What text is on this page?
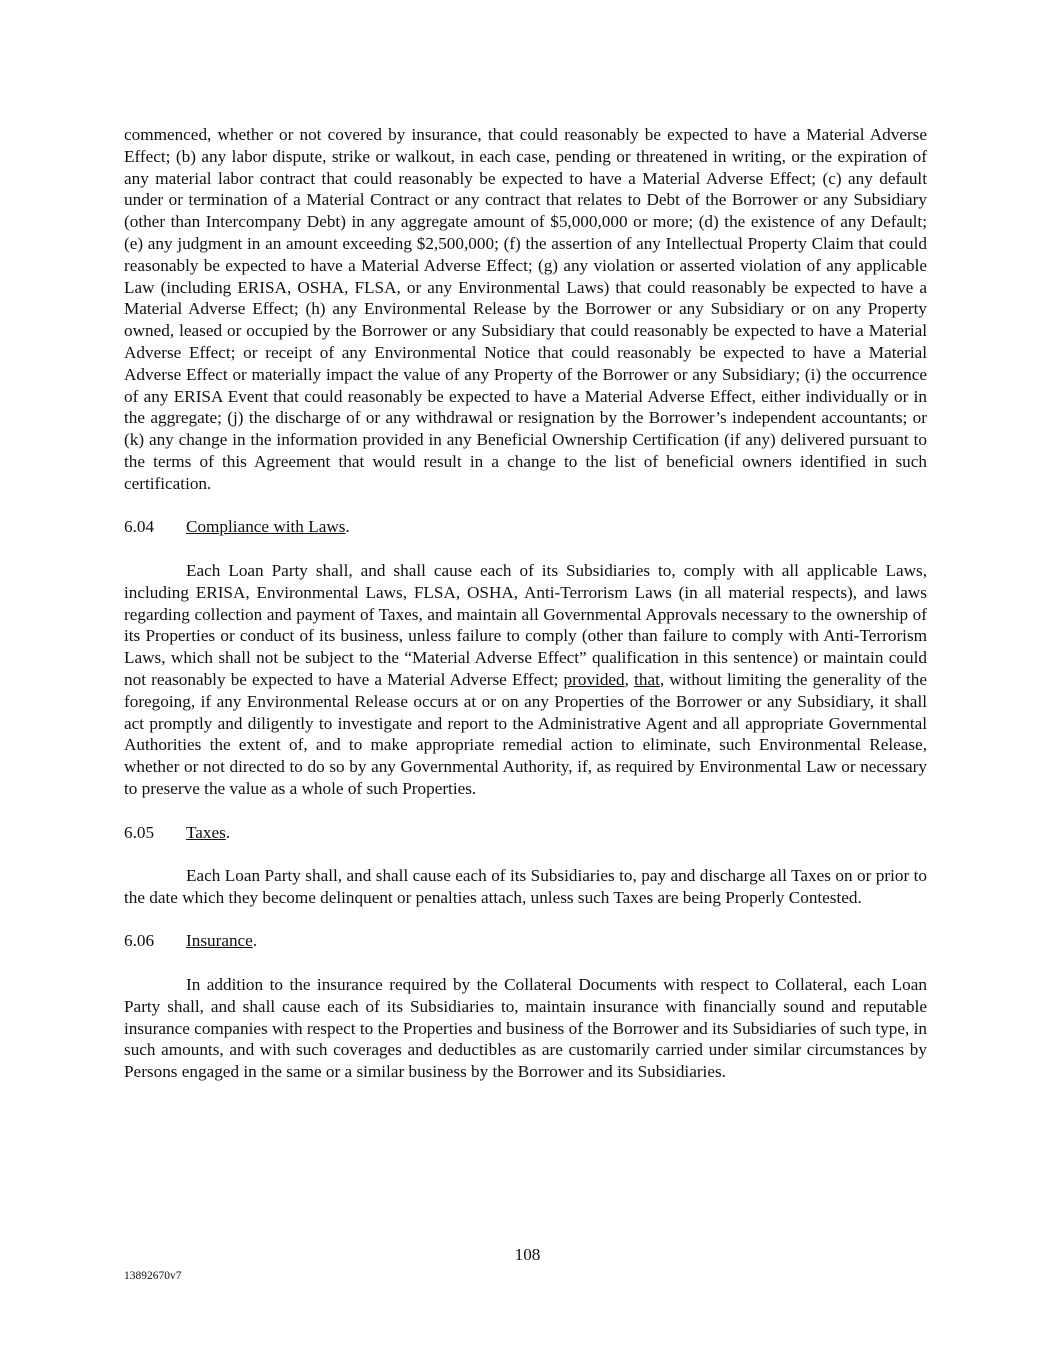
commenced, whether or not covered by insurance, that could reasonably be expected to have a Material Adverse Effect; (b) any labor dispute, strike or walkout, in each case, pending or threatened in writing, or the expiration of any material labor contract that could reasonably be expected to have a Material Adverse Effect; (c) any default under or termination of a Material Contract or any contract that relates to Debt of the Borrower or any Subsidiary (other than Intercompany Debt) in any aggregate amount of $5,000,000 or more; (d) the existence of any Default; (e) any judgment in an amount exceeding $2,500,000; (f) the assertion of any Intellectual Property Claim that could reasonably be expected to have a Material Adverse Effect; (g) any violation or asserted violation of any applicable Law (including ERISA, OSHA, FLSA, or any Environmental Laws) that could reasonably be expected to have a Material Adverse Effect; (h) any Environmental Release by the Borrower or any Subsidiary or on any Property owned, leased or occupied by the Borrower or any Subsidiary that could reasonably be expected to have a Material Adverse Effect; or receipt of any Environmental Notice that could reasonably be expected to have a Material Adverse Effect or materially impact the value of any Property of the Borrower or any Subsidiary; (i) the occurrence of any ERISA Event that could reasonably be expected to have a Material Adverse Effect, either individually or in the aggregate; (j) the discharge of or any withdrawal or resignation by the Borrower’s independent accountants; or (k) any change in the information provided in any Beneficial Ownership Certification (if any) delivered pursuant to the terms of this Agreement that would result in a change to the list of beneficial owners identified in such certification.

6.04	Compliance with Laws.

Each Loan Party shall, and shall cause each of its Subsidiaries to, comply with all applicable Laws, including ERISA, Environmental Laws, FLSA, OSHA, Anti-Terrorism Laws (in all material respects), and laws regarding collection and payment of Taxes, and maintain all Governmental Approvals necessary to the ownership of its Properties or conduct of its business, unless failure to comply (other than failure to comply with Anti-Terrorism Laws, which shall not be subject to the “Material Adverse Effect” qualification in this sentence) or maintain could not reasonably be expected to have a Material Adverse Effect; provided, that, without limiting the generality of the foregoing, if any Environmental Release occurs at or on any Properties of the Borrower or any Subsidiary, it shall act promptly and diligently to investigate and report to the Administrative Agent and all appropriate Governmental Authorities the extent of, and to make appropriate remedial action to eliminate, such Environmental Release, whether or not directed to do so by any Governmental Authority, if, as required by Environmental Law or necessary to preserve the value as a whole of such Properties.

6.05	Taxes.

Each Loan Party shall, and shall cause each of its Subsidiaries to, pay and discharge all Taxes on or prior to the date which they become delinquent or penalties attach, unless such Taxes are being Properly Contested.

6.06	Insurance.

In addition to the insurance required by the Collateral Documents with respect to Collateral, each Loan Party shall, and shall cause each of its Subsidiaries to, maintain insurance with financially sound and reputable insurance companies with respect to the Properties and business of the Borrower and its Subsidiaries of such type, in such amounts, and with such coverages and deductibles as are customarily carried under similar circumstances by Persons engaged in the same or a similar business by the Borrower and its Subsidiaries.

108
13892670v7
